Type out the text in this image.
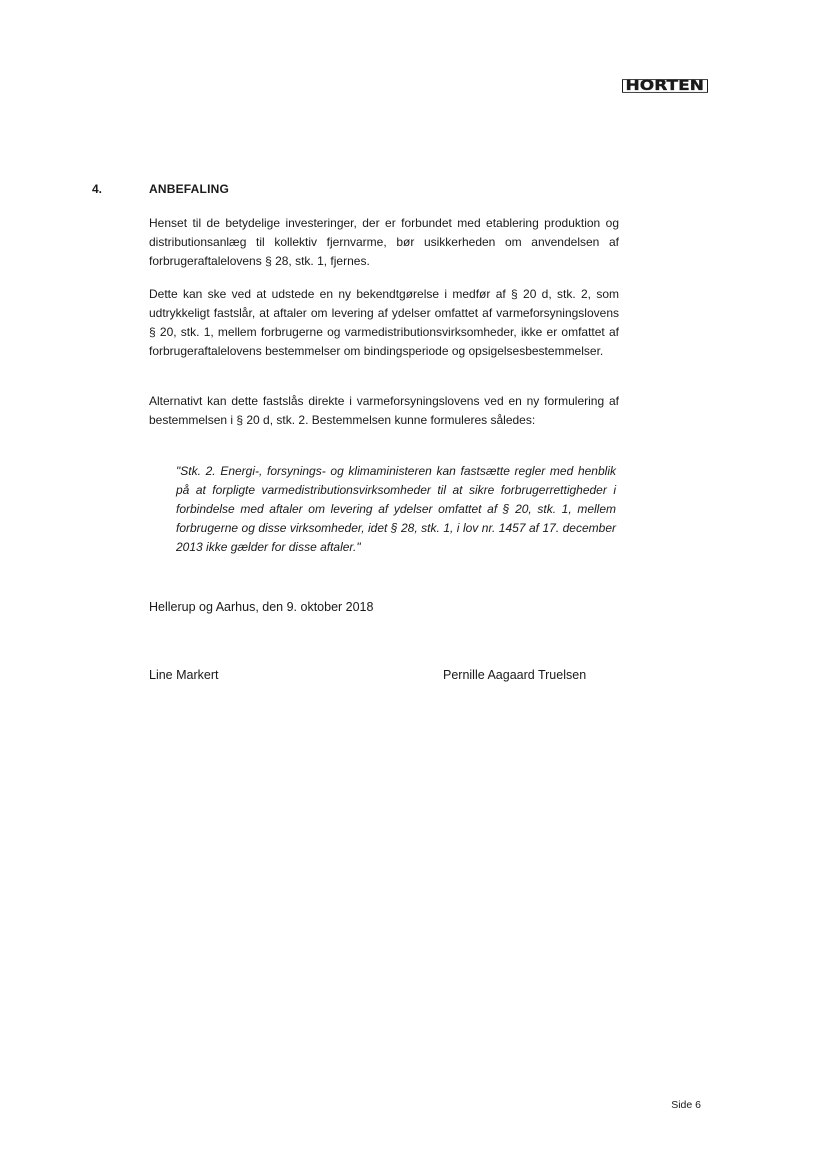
HORTEN
4.	ANBEFALING

Henset til de betydelige investeringer, der er forbundet med etablering produktion og distributionsanlæg til kollektiv fjernvarme, bør usikkerheden om anvendelsen af forbrugeraftalelovens § 28, stk. 1, fjernes.

Dette kan ske ved at udstede en ny bekendtgørelse i medfør af § 20 d, stk. 2, som udtrykkeligt fastslår, at aftaler om levering af ydelser omfattet af varmeforsyningslovens § 20, stk. 1, mellem forbrugerne og varmedistributionsvirksomheder, ikke er omfattet af forbrugeraftalelovens bestemmelser om bindingsperiode og opsigelsesbestemmelser.

Alternativt kan dette fastslås direkte i varmeforsyningslovens ved en ny formulering af bestemmelsen i § 20 d, stk. 2. Bestemmelsen kunne formuleres således:

"Stk. 2. Energi-, forsynings- og klimaministeren kan fastsætte regler med henblik på at forpligte varmedistributionsvirksomheder til at sikre forbrugerrettigheder i forbindelse med aftaler om levering af ydelser omfattet af § 20, stk. 1, mellem forbrugerne og disse virksomheder, idet § 28, stk. 1, i lov nr. 1457 af 17. december 2013 ikke gælder for disse aftaler."

Hellerup og Aarhus, den 9. oktober 2018
Line Markert	Pernille Aagaard Truelsen
Side 6
